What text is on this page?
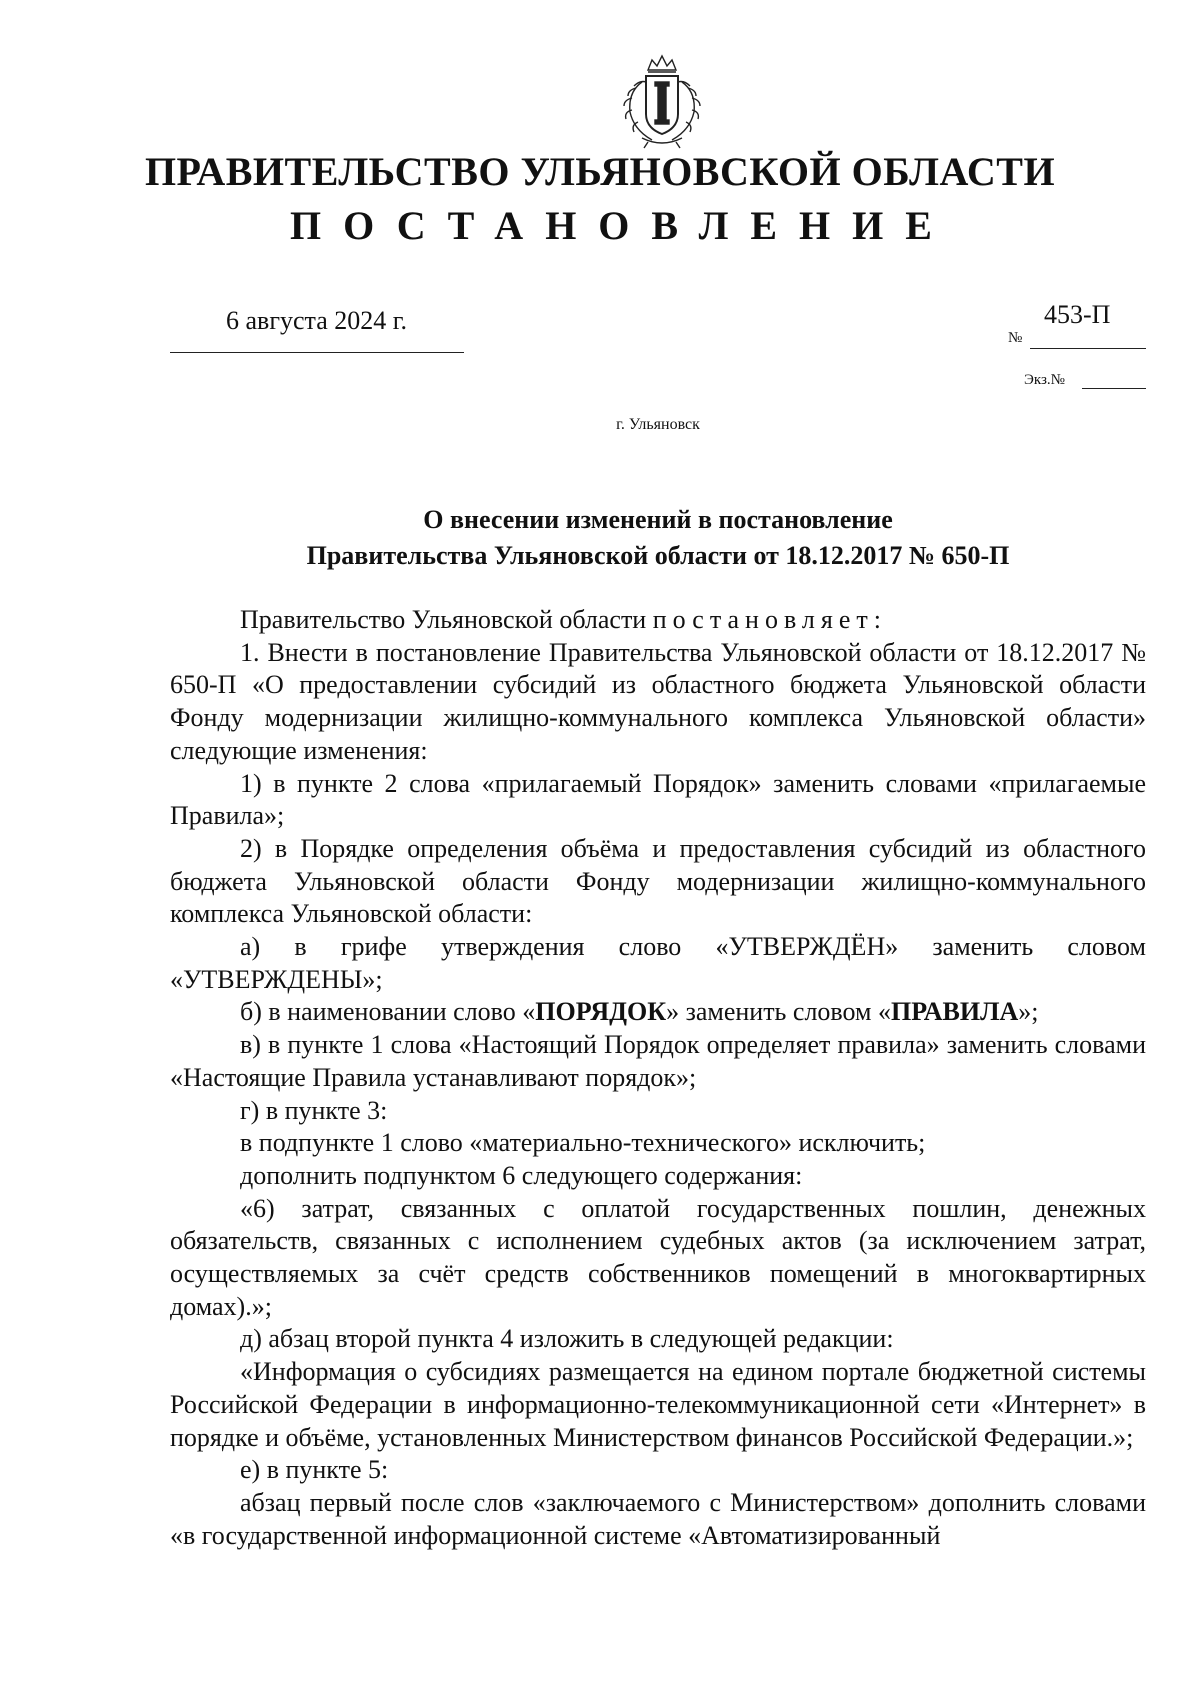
ПРАВИТЕЛЬСТВО УЛЬЯНОВСКОЙ ОБЛАСТИ
ПОСТАНОВЛЕНИЕ
6 августа 2024 г.
№
453-П
Экз.№
г. Ульяновск
О внесении изменений в постановление
Правительства Ульяновской области от 18.12.2017 № 650-П

Правительство Ульяновской области постановляет:

1. Внести в постановление Правительства Ульяновской области от 18.12.2017 № 650-П «О предоставлении субсидий из областного бюджета Ульяновской области Фонду модернизации жилищно-коммунального комплекса Ульяновской области» следующие изменения:

1) в пункте 2 слова «прилагаемый Порядок» заменить словами «прилагаемые Правила»;

2) в Порядке определения объёма и предоставления субсидий из областного бюджета Ульяновской области Фонду модернизации жилищно-коммунального комплекса Ульяновской области:

а) в грифе утверждения слово «УТВЕРЖДЁН» заменить словом «УТВЕРЖДЕНЫ»;

б) в наименовании слово «ПОРЯДОК» заменить словом «ПРАВИЛА»;

в) в пункте 1 слова «Настоящий Порядок определяет правила» заменить словами «Настоящие Правила устанавливают порядок»;

г) в пункте 3:

в подпункте 1 слово «материально-технического» исключить;

дополнить подпунктом 6 следующего содержания:

«6) затрат, связанных с оплатой государственных пошлин, денежных обязательств, связанных с исполнением судебных актов (за исключением затрат, осуществляемых за счёт средств собственников помещений в многоквартирных домах).»;

д) абзац второй пункта 4 изложить в следующей редакции:

«Информация о субсидиях размещается на едином портале бюджетной системы Российской Федерации в информационно-телекоммуникационной сети «Интернет» в порядке и объёме, установленных Министерством финансов Российской Федерации.»;

е) в пункте 5:

абзац первый после слов «заключаемого с Министерством» дополнить словами «в государственной информационной системе «Автоматизированный
